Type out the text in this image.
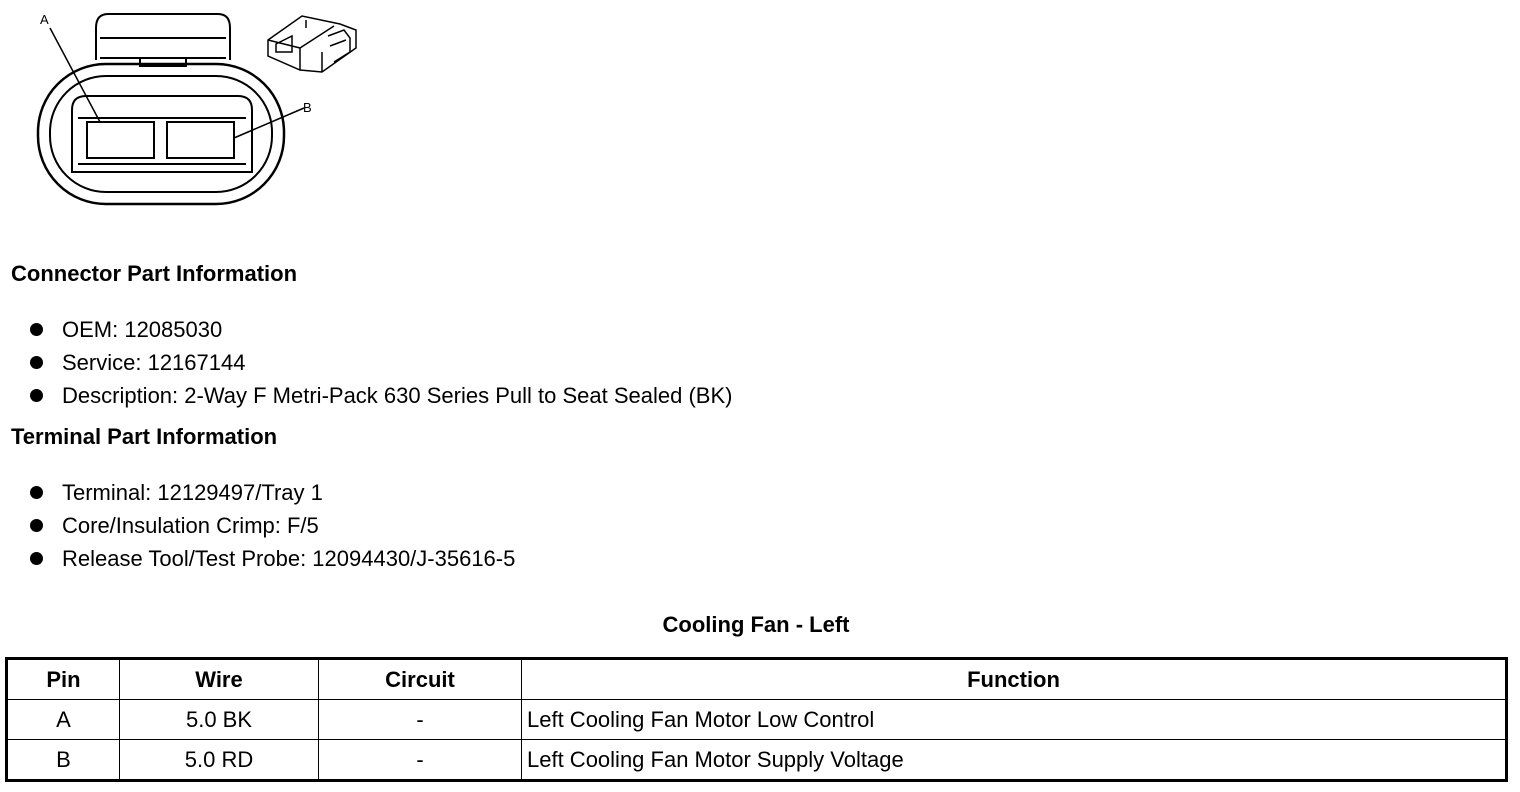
A
B
Connector Part Information
OEM: 12085030
Service: 12167144
Description: 2-Way F Metri-Pack 630 Series Pull to Seat Sealed (BK)
Terminal Part Information
Terminal: 12129497/Tray 1
Core/Insulation Crimp: F/5
Release Tool/Test Probe: 12094430/J-35616-5
Cooling Fan - Left
Pin	Wire	Circuit	Function
A	5.0 BK	-	Left Cooling Fan Motor Low Control
B	5.0 RD	-	Left Cooling Fan Motor Supply Voltage
